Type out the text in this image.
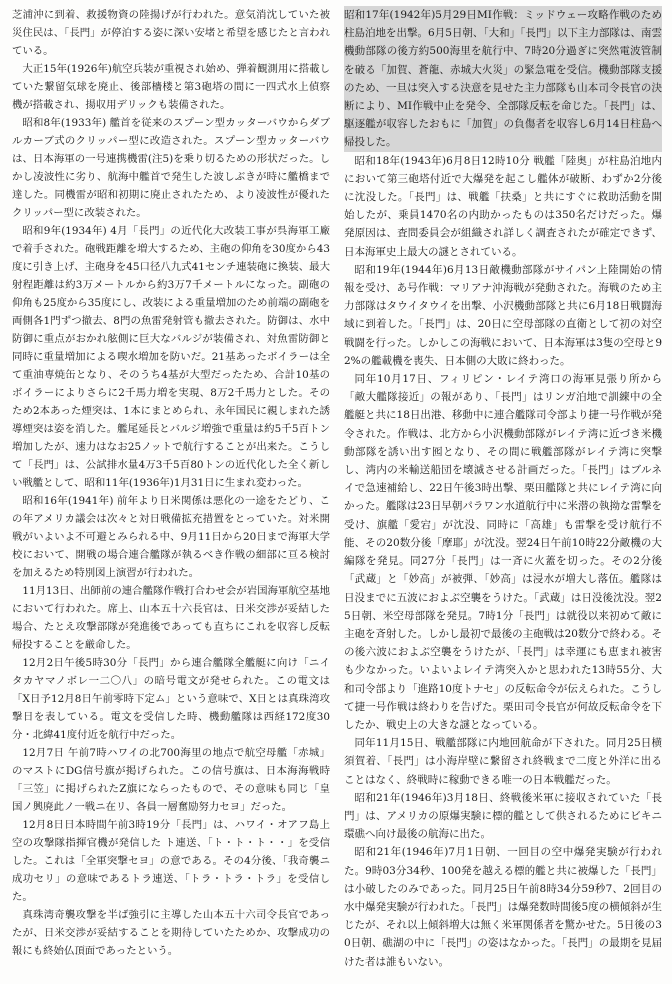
芝浦沖に到着、救援物資の陸揚げが行われた。意気消沈していた被災住民は、「長門」が停泊する姿に深い安堵と希望を感じたと言われている。

大正15年(1926年)航空兵装が重視され始め、弾着観測用に搭載していた繋留気球を廃止、後部檣楼と第3砲塔の間に一四式水上偵察機が搭載され、揚収用デリックも装備された。

昭和8年(1933年) 艦首を従来のスプーン型カッターバウからダブルカーブ式のクリッパー型に改造された。スプーン型カッターバウは、日本海軍の一号連携機雷(注5)を乗り切るための形状だった。しかし凌波性に劣り、航海中艦首で発生した波しぶきが時に艦橋まで達した。同機雷が昭和初期に廃止されたため、より凌波性が優れたクリッパー型に改装された。

昭和9年(1934年) 4月「長門」の近代化大改装工事が呉海軍工廠で着手された。砲戦距離を増大するため、主砲の仰角を30度から43度に引き上げ、主砲身を45口径八九式41センチ連装砲に換装、最大射程距離は約3万メートルから約3万7千メートルになった。副砲の仰角も25度から35度にし、改装による重量増加のため前端の副砲を両側各1門ずつ撤去、8門の魚雷発射管も撤去された。防御は、水中防御に重点がおかれ舷側に巨大なバルジが装備され、対魚雷防御と同時に重量増加による喫水増加を防いだ。21基あったボイラーは全て重油専焼缶となり、そのうち4基が大型だったため、合計10基のボイラーによりさらに2千馬力増を実現、8万2千馬力とした。そのため2本あった煙突は、1本にまとめられ、永年国民に親しまれた誘導煙突は姿を消した。艦尾延長とバルジ増強で重量は約5千5百トン増加したが、速力はなお25ノットで航行することが出来た。こうして「長門」は、公試排水量4万3千5百80トンの近代化した全く新しい戦艦として、昭和11年(1936年)1月31日に生まれ変わった。

昭和16年(1941年) 前年より日米関係は悪化の一途をたどり、この年アメリカ議会は次々と対日戦備拡充措置をとっていた。対米開戦がいよいよ不可避とみられる中、9月11日から20日まで海軍大学校において、開戦の場合連合艦隊が執るべき作戦の細部に亘る検討を加えるため特別図上演習が行われた。

11月13日、出師前の連合艦隊作戦打合わせ会が岩国海軍航空基地において行われた。席上、山本五十六長官は、日米交渉が妥結した場合、たとえ攻撃部隊が発進後であっても直ちにこれを収容し反転帰投することを厳命した。

12月2日午後5時30分「長門」から連合艦隊全艦艇に向け「ニイタカヤマノボレ一二〇八」の暗号電文が発せられた。この電文は「X日予12月8日午前零時下定ム」という意味で、X日とは真珠湾攻撃日を表している。電文を受信した時、機動艦隊は西経172度30分・北緯41度付近を航行中だった。

12月7日 午前7時ハワイの北700海里の地点で航空母艦「赤城」のマストにDG信号旗が掲げられた。この信号旗は、日本海海戦時「三笠」に掲げられたZ旗にならったもので、その意味も同じ「皇国ノ興廃此ノ一戦ニ在リ、各員一層奮励努力セヨ」だった。

12月8日日本時間午前3時19分「長門」は、ハワイ・オアフ島上空の攻撃隊指揮官機が発信した ト連送、「ト・ト・ト・・」を受信した。これは「全軍突撃セヨ」の意である。その4分後、「我奇襲ニ成功セリ」の意味であるトラ連送、「トラ・トラ・トラ」を受信した。

真珠湾奇襲攻撃を半ば強引に主導した山本五十六司令長官であったが、日米交渉が妥結することを期待していたためか、攻撃成功の報にも終始仏頂面であったという。

昭和17年(1942年)5月29日MI作戦：ミッドウェー攻略作戦のため柱島泊地を出撃。6月5日朝、「大和」「長門」以下主力部隊は、南雲機動部隊の後方約500海里を航行中、7時20分過ぎに突然電波管制を破る「加賀、蒼龍、赤城大火災」の緊急電を受信。機動部隊支援のため、一旦は突入する決意を見せた主力部隊も山本司令長官の決断により、MI作戦中止を発令、全部隊反転を命じた。「長門」は、駆逐艦が収容したおもに「加賀」の負傷者を収容し6月14日柱島へ帰投した。

昭和18年(1943年)6月8日12時10分 戦艦「陸奥」が柱島泊地内において第三砲塔付近で大爆発を起こし艦体が破断、わずか2分後に沈没した。「長門」は、戦艦「扶桑」と共にすぐに救助活動を開始したが、乗員1470名の内助かったものは350名だけだった。爆発原因は、査問委員会が組織され詳しく調査されたが確定できず、日本海軍史上最大の謎とされている。

昭和19年(1944年)6月13日敵機動部隊がサイパン上陸開始の情報を受け、あ号作戦：マリアナ沖海戦が発動された。海戦のため主力部隊はタウイタウイを出撃、小沢機動部隊と共に6月18日戦闘海域に到着した。「長門」は、20日に空母部隊の直衛として初の対空戦闘を行った。しかしこの海戦において、日本海軍は3隻の空母と92%の艦載機を喪失、日本側の大敗に終わった。

同年10月17日、フィリピン・レイテ湾口の海軍見張り所から「敵大艦隊接近」の報があり、「長門」はリンガ泊地で訓練中の全艦艇と共に18日出港、移動中に連合艦隊司令部より捷一号作戦が発令された。作戦は、北方から小沢機動部隊がレイテ湾に近づき米機動部隊を誘い出す囮となり、その間に戦艦部隊がレイテ湾に突撃し、湾内の米輸送船団を壊滅させる計画だった。「長門」はブルネイで急速補給し、22日午後3時出撃、栗田艦隊と共にレイテ湾に向かった。艦隊は23日早朝パラワン水道航行中に米潜の執拗な雷撃を受け、旗艦「愛宕」が沈没、同時に「高雄」も雷撃を受け航行不能、その20数分後「摩耶」が沈没。翌24日午前10時22分敵機の大編隊を発見。同27分「長門」は一斉に火蓋を切った。その2分後「武蔵」と「妙高」が被弾、「妙高」は浸水が増大し落伍。艦隊は日没までに五波におよぶ空襲をうけた。「武蔵」は日没後沈没。翌25日朝、米空母部隊を発見。7時1分「長門」は就役以来初めて敵に主砲を斉射した。しかし最初で最後の主砲戦は20数分で終わる。その後六波におよぶ空襲をうけたが、「長門」は幸運にも恵まれ被害も少なかった。いよいよレイテ湾突入かと思われた13時55分、大和司令部より「進路10度トナセ」の反転命令が伝えられた。こうして捷一号作戦は終わりを告げた。栗田司令長官が何故反転命令を下したか、戦史上の大きな謎となっている。

同年11月15日、戦艦部隊に内地回航命が下された。同月25日横須賀着、「長門」は小海岸壁に繋留され終戦まで二度と外洋に出ることはなく、終戦時に稼動できる唯一の日本戦艦だった。

昭和21年(1946年)3月18日、終戦後米軍に接収されていた「長門」は、アメリカの原爆実験に標的艦として供されるためにビキニ環礁へ向け最後の航海に出た。

昭和21年(1946年)7月1日朝、一回目の空中爆発実験が行われた。9時03分34秒、100発を越える標的艦と共に被爆した「長門」は小破したのみであった。同月25日午前8時34分59秒7、2回目の水中爆発実験が行われた。「長門」は爆発数時間後5度の横傾斜が生じたが、それ以上傾斜増大は無く米軍関係者を驚かせた。5日後の30日朝、礁湖の中に「長門」の姿はなかった。「長門」の最期を見届けた者は誰もいない。
